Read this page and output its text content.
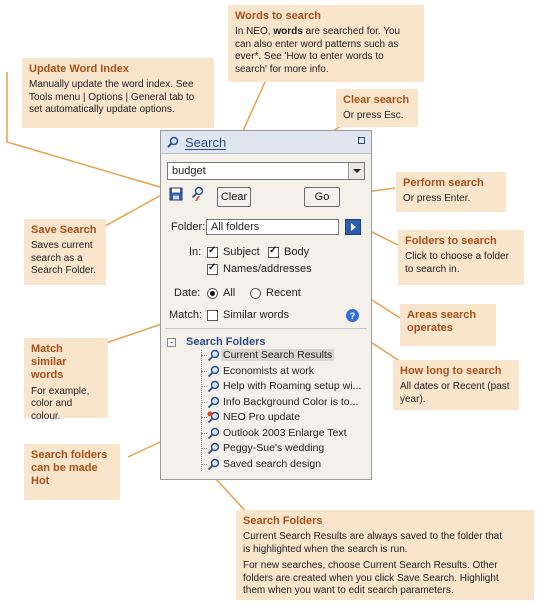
Words to search

In NEO, words are searched for. You
can also enter word patterns such as
ever*. See 'How to enter words to
search' for more info.

Update Word Index

Manually update the word index. See
Tools menu | Options | General tab to
set automatically update options.

Clear search

Or press Esc.

Save Search

Saves current
search as a
Search Folder.

Perform search

Or press Enter.

Folders to search

Click to choose a folder
to search in.

Areas search operates
Match similar words

For example,
color and
colour.

How long to search

All dates or Recent (past
year).

Search folders can be made Hot
Search Folders

Current Search Results are always saved to the folder that
is highlighted when the search is run.

For new searches, choose Current Search Results. Other
folders are created when you click Save Search. Highlight
them when you want to edit search parameters.

Search
budget
Clear	Go
Folder: All folders
In: ✓ Subject ✓ Body
✓
Names/addresses
Date: All	Recent
Match: Similar words	?
- Search Folders
Current Search Results
Economists at work
Help with Roaming setup wi...
Info Background Color is to...
NEO Pro update
Outlook 2003 Enlarge Text
Peggy-Sue's wedding
Saved search design
